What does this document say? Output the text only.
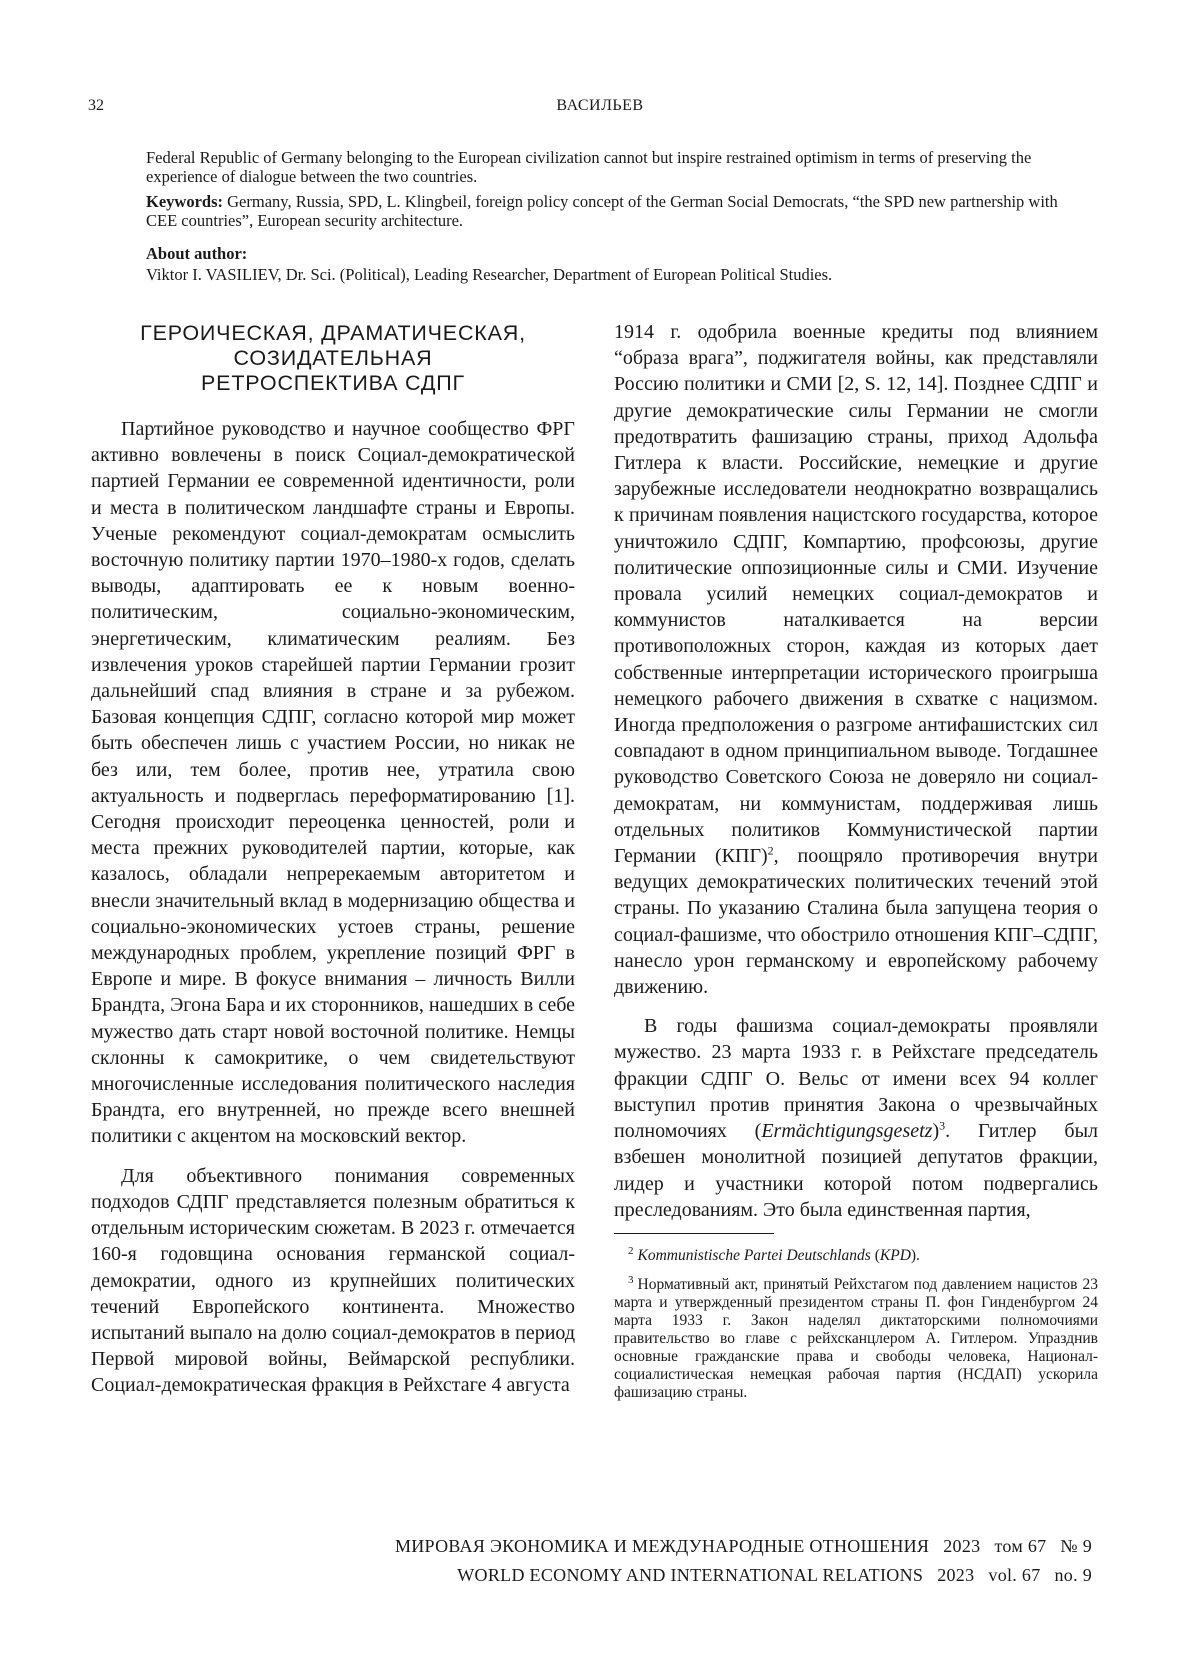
32	ВАСИЛЬЕВ

Federal Republic of Germany belonging to the European civilization cannot but inspire restrained optimism in terms of preserving the experience of dialogue between the two countries.

Keywords: Germany, Russia, SPD, L. Klingbeil, foreign policy concept of the German Social Democrats, “the SPD new partnership with CEE countries”, European security architecture.

About author:

Viktor I. VASILIEV, Dr. Sci. (Political), Leading Researcher, Department of European Political Studies.

ГЕРОИЧЕСКАЯ, ДРАМАТИЧЕСКАЯ,
СОЗИДАТЕЛЬНАЯ
РЕТРОСПЕКТИВА СДПГ

Партийное руководство и научное сообщество ФРГ активно вовлечены в поиск Социал-демократической партией Германии ее современной идентичности, роли и места в политическом ландшафте страны и Европы. Ученые рекомендуют социал-демократам осмыслить восточную политику партии 1970–1980-х годов, сделать выводы, адаптировать ее к новым военно-политическим, социально-экономическим, энергетическим, климатическим реалиям. Без извлечения уроков старейшей партии Германии грозит дальнейший спад влияния в стране и за рубежом. Базовая концепция СДПГ, согласно которой мир может быть обеспечен лишь с участием России, но никак не без или, тем более, против нее, утратила свою актуальность и подверглась переформатированию [1]. Сегодня происходит переоценка ценностей, роли и места прежних руководителей партии, которые, как казалось, обладали непререкаемым авторитетом и внесли значительный вклад в модернизацию общества и социально-экономических устоев страны, решение международных проблем, укрепление позиций ФРГ в Европе и мире. В фокусе внимания – личность Вилли Брандта, Эгона Бара и их сторонников, нашедших в себе мужество дать старт новой восточной политике. Немцы склонны к самокритике, о чем свидетельствуют многочисленные исследования политического наследия Брандта, его внутренней, но прежде всего внешней политики с акцентом на московский вектор.

Для объективного понимания современных подходов СДПГ представляется полезным обратиться к отдельным историческим сюжетам. В 2023 г. отмечается 160-я годовщина основания германской социал-демократии, одного из крупнейших политических течений Европейского континента. Множество испытаний выпало на долю социал-демократов в период Первой мировой войны, Веймарской республики. Социал-демократическая фракция в Рейхстаге 4 августа

1914 г. одобрила военные кредиты под влиянием “образа врага”, поджигателя войны, как представляли Россию политики и СМИ [2, S. 12, 14]. Позднее СДПГ и другие демократические силы Германии не смогли предотвратить фашизацию страны, приход Адольфа Гитлера к власти. Российские, немецкие и другие зарубежные исследователи неоднократно возвращались к причинам появления нацистского государства, которое уничтожило СДПГ, Компартию, профсоюзы, другие политические оппозиционные силы и СМИ. Изучение провала усилий немецких социал-демократов и коммунистов наталкивается на версии противоположных сторон, каждая из которых дает собственные интерпретации исторического проигрыша немецкого рабочего движения в схватке с нацизмом. Иногда предположения о разгроме антифашистских сил совпадают в одном принципиальном выводе. Тогдашнее руководство Советского Союза не доверяло ни социал-демократам, ни коммунистам, поддерживая лишь отдельных политиков Коммунистической партии Германии (КПГ)$^2$, поощряло противоречия внутри ведущих демократических политических течений этой страны. По указанию Сталина была запущена теория о социал-фашизме, что обострило отношения КПГ–СДПГ, нанесло урон германскому и европейскому рабочему движению.

В годы фашизма социал-демократы проявляли мужество. 23 марта 1933 г. в Рейхстаге председатель фракции СДПГ О. Вельс от имени всех 94 коллег выступил против принятия Закона о чрезвычайных полномочиях (Ermächtigungsgesetz)$^3$. Гитлер был взбешен монолитной позицией депутатов фракции, лидер и участники которой потом подвергались преследованиям. Это была единственная партия,

$^2$ Kommunistische Partei Deutschlands (KPD).

$^3$ Нормативный акт, принятый Рейхстагом под давлением нацистов 23 марта и утвержденный президентом страны П. фон Гинденбургом 24 марта 1933 г. Закон наделял диктаторскими полномочиями правительство во главе с рейхсканцлером А. Гитлером. Упразднив основные гражданские права и свободы человека, Национал-социалистическая немецкая рабочая партия (НСДАП) ускорила фашизацию страны.

МИРОВАЯ ЭКОНОМИКА И МЕЖДУНАРОДНЫЕ ОТНОШЕНИЯ 2023 том 67 № 9
WORLD ECONOMY AND INTERNATIONAL RELATIONS 2023 vol. 67 no. 9
